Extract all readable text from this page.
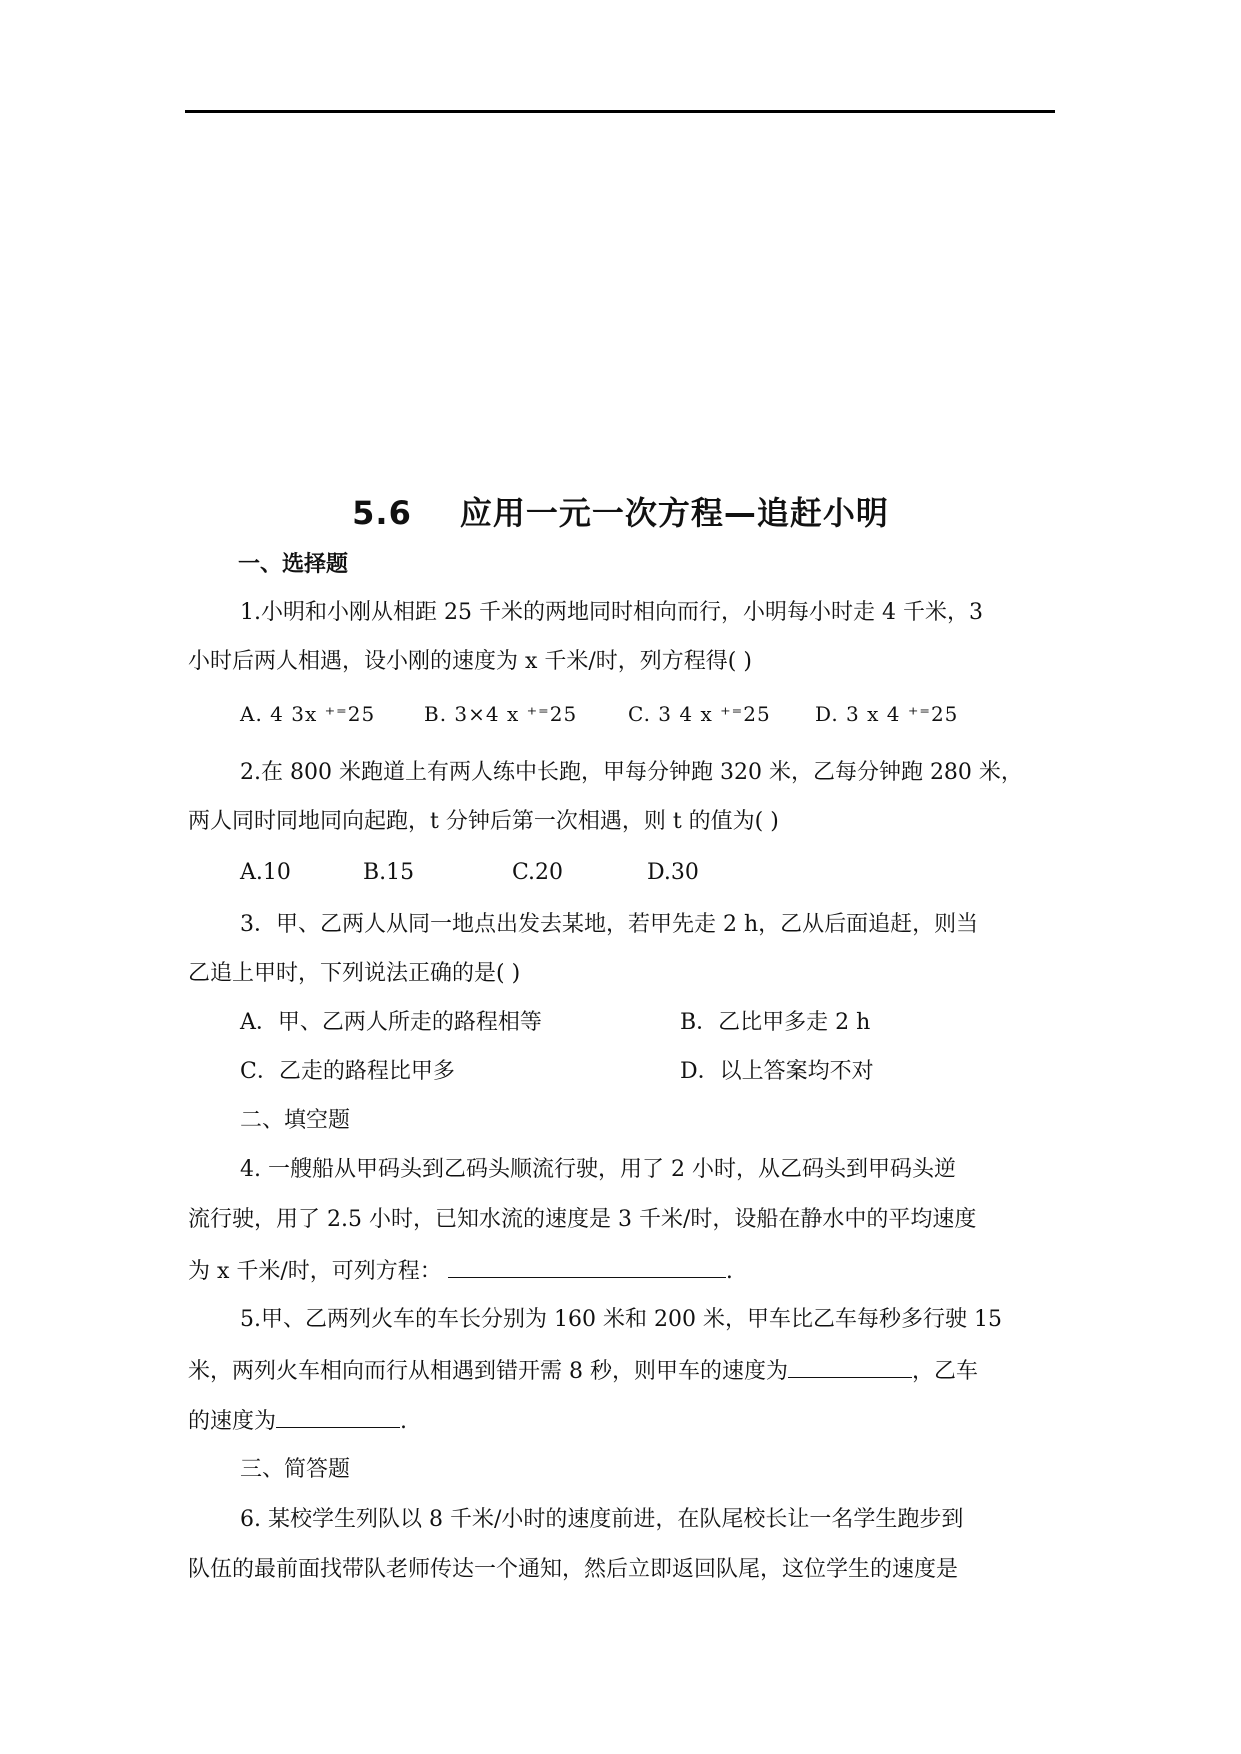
5.6 应用一元一次方程—追赶小明
一、选择题
1.小明和小刚从相距 25 千米的两地同时相向而行，小明每小时走 4 千米，3
小时后两人相遇，设小刚的速度为 x 千米/时，列方程得( )
A. 4 3x ⁺⁼25 B. 3×4 x ⁺⁼25	C. 3 4 x ⁺⁼25 D. 3 x 4 ⁺⁼25
2.在 800 米跑道上有两人练中长跑，甲每分钟跑 320 米，乙每分钟跑 280 米，
两人同时同地同向起跑，t 分钟后第一次相遇，则 t 的值为( )
A.10	B.15	C.20	D.30
3．甲、乙两人从同一地点出发去某地，若甲先走 2 h，乙从后面追赶，则当
乙追上甲时，下列说法正确的是( )
A．甲、乙两人所走的路程相等	B．乙比甲多走 2 h
C．乙走的路程比甲多	D．以上答案均不对
二、填空题
4. 一艘船从甲码头到乙码头顺流行驶，用了 2 小时，从乙码头到甲码头逆
流行驶，用了 2.5 小时，已知水流的速度是 3 千米/时，设船在静水中的平均速度
为 x 千米/时，可列方程：	.
5.甲、乙两列火车的车长分别为 160 米和 200 米，甲车比乙车每秒多行驶 15
米，两列火车相向而行从相遇到错开需 8 秒，则甲车的速度为	，乙车
的速度为	.
三、简答题
6. 某校学生列队以 8 千米/小时的速度前进，在队尾校长让一名学生跑步到
队伍的最前面找带队老师传达一个通知，然后立即返回队尾，这位学生的速度是
